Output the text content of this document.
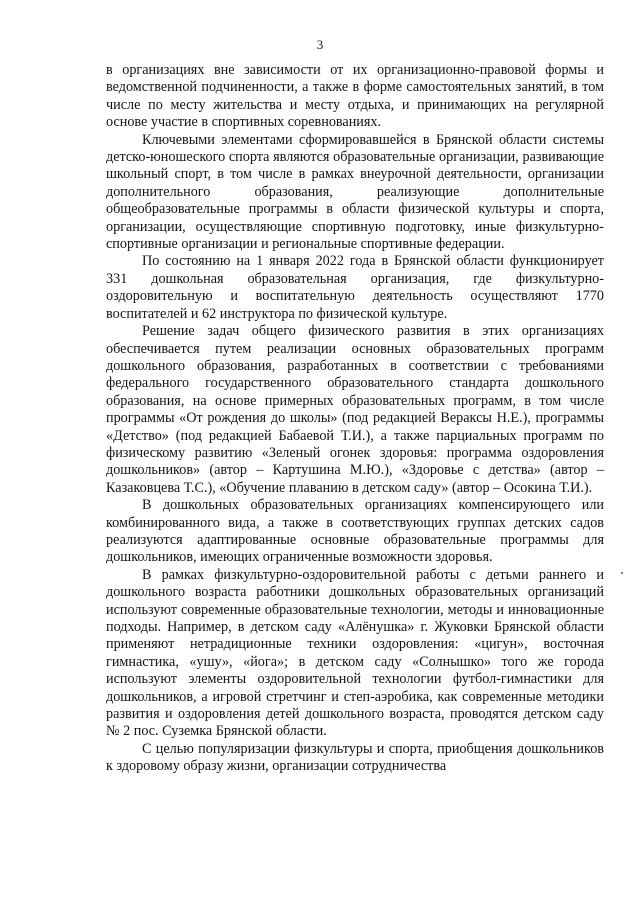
3

в организациях вне зависимости от их организационно-правовой формы и ведомственной подчиненности, а также в форме самостоятельных занятий, в том числе по месту жительства и месту отдыха, и принимающих на регулярной основе участие в спортивных соревнованиях.

Ключевыми элементами сформировавшейся в Брянской области системы детско-юношеского спорта являются образовательные организации, развивающие школьный спорт, в том числе в рамках внеурочной деятельности, организации дополнительного образования, реализующие дополнительные общеобразовательные программы в области физической культуры и спорта, организации, осуществляющие спортивную подготовку, иные физкультурно-спортивные организации и региональные спортивные федерации.

По состоянию на 1 января 2022 года в Брянской области функционирует 331 дошкольная образовательная организация, где физкультурно-оздоровительную и воспитательную деятельность осуществляют 1770 воспитателей и 62 инструктора по физической культуре.

Решение задач общего физического развития в этих организациях обеспечивается путем реализации основных образовательных программ дошкольного образования, разработанных в соответствии с требованиями федерального государственного образовательного стандарта дошкольного образования, на основе примерных образовательных программ, в том числе программы «От рождения до школы» (под редакцией Вераксы Н.Е.), программы «Детство» (под редакцией Бабаевой Т.И.), а также парциальных программ по физическому развитию «Зеленый огонек здоровья: программа оздоровления дошкольников» (автор – Картушина М.Ю.), «Здоровье с детства» (автор – Казаковцева Т.С.), «Обучение плаванию в детском саду» (автор – Осокина Т.И.).

В дошкольных образовательных организациях компенсирующего или комбинированного вида, а также в соответствующих группах детских садов реализуются адаптированные основные образовательные программы для дошкольников, имеющих ограниченные возможности здоровья.

В рамках физкультурно-оздоровительной работы с детьми раннего и дошкольного возраста работники дошкольных образовательных организаций используют современные образовательные технологии, методы и инновационные подходы. Например, в детском саду «Алёнушка» г. Жуковки Брянской области применяют нетрадиционные техники оздоровления: «цигун», восточная гимнастика, «ушу», «йога»; в детском саду «Солнышко» того же города используют элементы оздоровительной технологии футбол-гимнастики для дошкольников, а игровой стретчинг и степ-аэробика, как современные методики развития и оздоровления детей дошкольного возраста, проводятся детском саду № 2 пос. Суземка Брянской области.

С целью популяризации физкультуры и спорта, приобщения дошкольников к здоровому образу жизни, организации сотрудничества
